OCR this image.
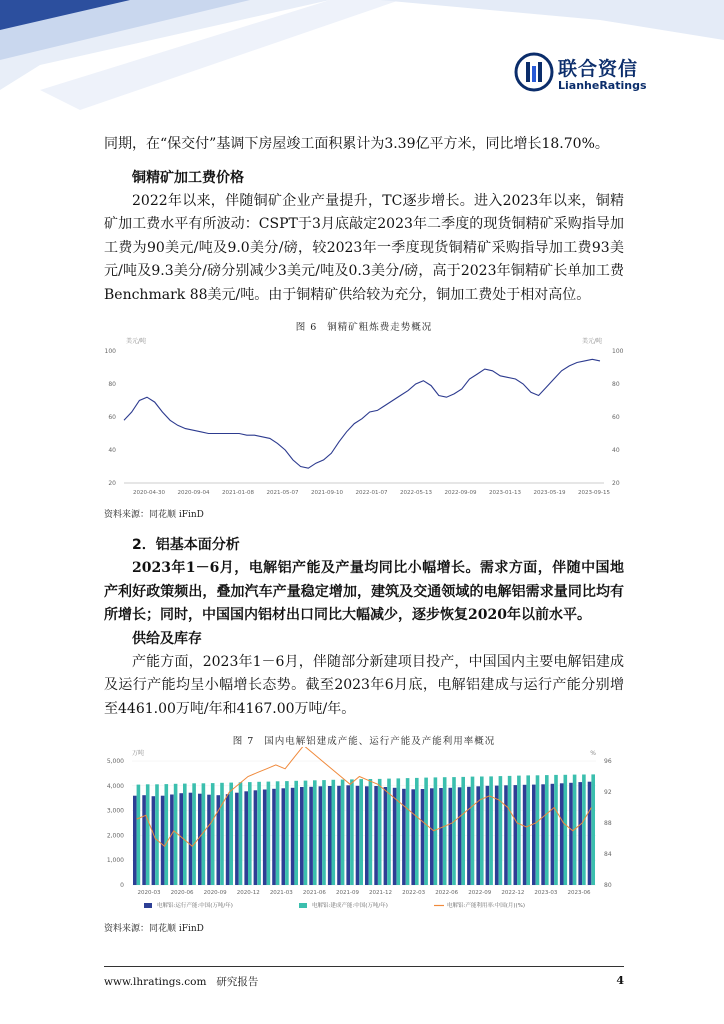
联合资信
LianheRatings

同期，在“保交付”基调下房屋竣工面积累计为3.39亿平方米，同比增长18.70%。

铜精矿加工费价格

2022年以来，伴随铜矿企业产量提升，TC逐步增长。进入2023年以来，铜精矿加工费水平有所波动：CSPT于3月底敲定2023年二季度的现货铜精矿采购指导加工费为90美元/吨及9.0美分/磅，较2023年一季度现货铜精矿采购指导加工费93美元/吨及9.3美分/磅分别减少3美元/吨及0.3美分/磅，高于2023年铜精矿长单加工费Benchmark 88美元/吨。由于铜精矿供给较为充分，铜加工费处于相对高位。

图 6 铜精矿粗炼费走势概况
美元/吨	美元/吨
20	20
40	40
60	60
80	80
100	100
2020-04-30 2020-09-04 2021-01-08 2021-05-07 2021-09-10 2022-01-07 2022-05-13 2022-09-09 2023-01-13 2023-05-19 2023-09-15
资料来源：同花顺 iFinD
2．铝基本面分析

2023年1－6月，电解铝产能及产量均同比小幅增长。需求方面，伴随中国地产利好政策频出，叠加汽车产量稳定增加，建筑及交通领域的电解铝需求量同比均有所增长；同时，中国国内铝材出口同比大幅减少，逐步恢复2020年以前水平。

供给及库存

产能方面，2023年1－6月，伴随部分新建项目投产，中国国内主要电解铝建成及运行产能均呈小幅增长态势。截至2023年6月底，电解铝建成与运行产能分别增至4461.00万吨/年和4167.00万吨/年。

图 7 国内电解铝建成产能、运行产能及产能利用率概况
万吨	%
0
1,000
2,000
3,000
4,000
5,000
80
84
88
92
96
2020-03 2020-06 2020-09 2020-12 2021-03 2021-06 2021-09 2021-12 2022-03 2022-06 2022-09 2022-12 2023-03 2023-06
电解铝:运行产能:中国(万吨/年)	电解铝:建成产能:中国(万吨/年)	电解铝:产能利用率:中国(月)(%)
资料来源：同花顺 iFinD
www.lhratings.com 研究报告	4
